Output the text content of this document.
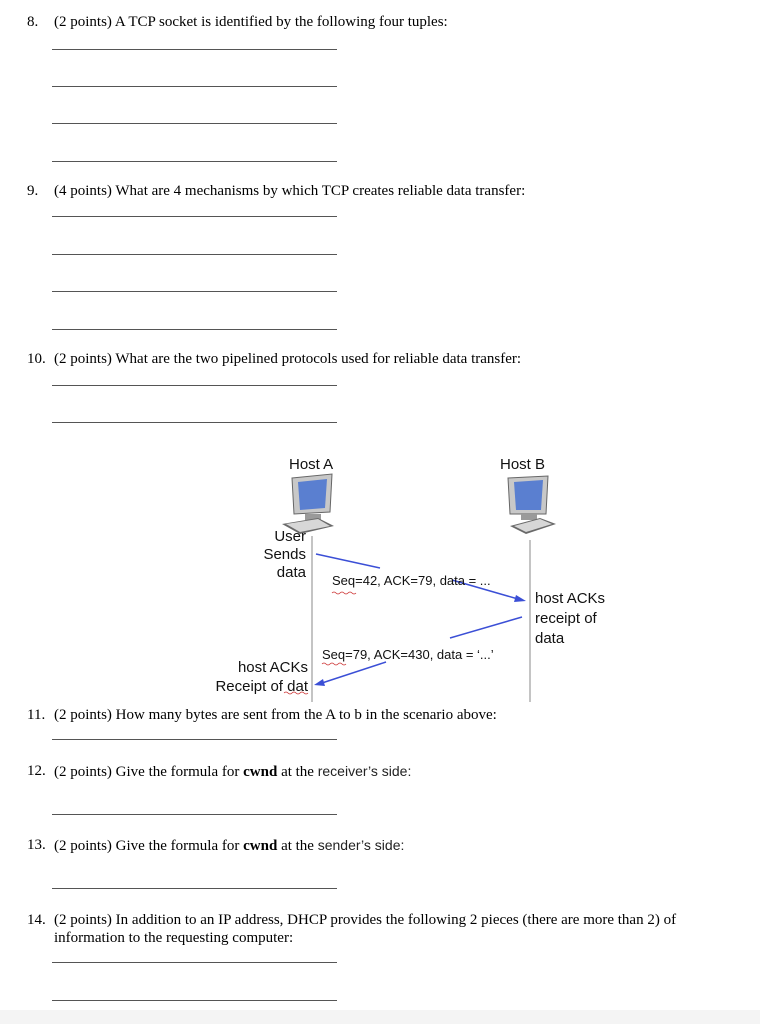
8. (2 points) A TCP socket is identified by the following four tuples:
9. (4 points) What are 4 mechanisms by which TCP creates reliable data transfer:
10. (2 points) What are the two pipelined protocols used for reliable data transfer:
Host A	Host B
User
Sends
data Seq=42, ACK=79, data = ...
host ACKs
receipt of
data
Seq=79, ACK=430, data = ‘...’
host ACKs
Receipt of dat
11. (2 points) How many bytes are sent from the A to b in the scenario above:
12. (2 points) Give the formula for cwnd at the receiver’s side:
13. (2 points) Give the formula for cwnd at the sender’s side:
14. (2 points) In addition to an IP address, DHCP provides the following 2 pieces (there are more than 2) of information to the requesting computer:
